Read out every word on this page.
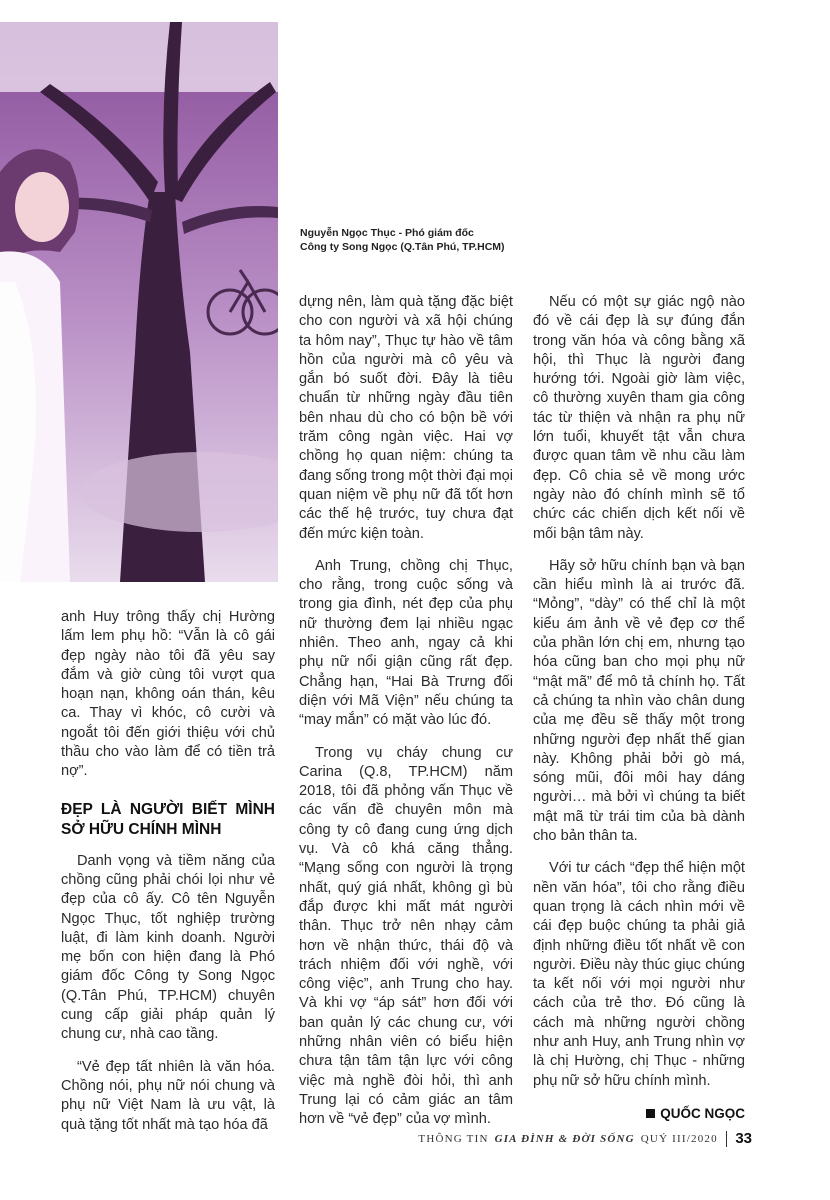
Nguyễn Ngọc Thục - Phó giám đốc
Công ty Song Ngọc (Q.Tân Phú, TP.HCM)

anh Huy trông thấy chị Hường lấm lem phụ hồ: “Vẫn là cô gái đẹp ngày nào tôi đã yêu say đắm và giờ cùng tôi vượt qua hoạn nạn, không oán thán, kêu ca. Thay vì khóc, cô cười và ngoắt tôi đến giới thiệu với chủ thầu cho vào làm để có tiền trả nợ”.

ĐẸP LÀ NGƯỜI BIẾT MÌNH SỞ HỮU CHÍNH MÌNH

Danh vọng và tiềm năng của chồng cũng phải chói lọi như vẻ đẹp của cô ấy. Cô tên Nguyễn Ngọc Thục, tốt nghiệp trường luật, đi làm kinh doanh. Người mẹ bốn con hiện đang là Phó giám đốc Công ty Song Ngọc (Q.Tân Phú, TP.HCM) chuyên cung cấp giải pháp quản lý chung cư, nhà cao tầng.

“Vẻ đẹp tất nhiên là văn hóa. Chồng nói, phụ nữ nói chung và phụ nữ Việt Nam là ưu vật, là quà tặng tốt nhất mà tạo hóa đã

dựng nên, làm quà tặng đặc biệt cho con người và xã hội chúng ta hôm nay”, Thục tự hào về tâm hồn của người mà cô yêu và gắn bó suốt đời. Đây là tiêu chuẩn từ những ngày đầu tiên bên nhau dù cho có bộn bề với trăm công ngàn việc. Hai vợ chồng họ quan niệm: chúng ta đang sống trong một thời đại mọi quan niệm về phụ nữ đã tốt hơn các thế hệ trước, tuy chưa đạt đến mức kiện toàn.

Anh Trung, chồng chị Thục, cho rằng, trong cuộc sống và trong gia đình, nét đẹp của phụ nữ thường đem lại nhiều ngạc nhiên. Theo anh, ngay cả khi phụ nữ nổi giận cũng rất đẹp. Chẳng hạn, “Hai Bà Trưng đối diện với Mã Viện” nếu chúng ta “may mắn” có mặt vào lúc đó.

Trong vụ cháy chung cư Carina (Q.8, TP.HCM) năm 2018, tôi đã phỏng vấn Thục về các vấn đề chuyên môn mà công ty cô đang cung ứng dịch vụ. Và cô khá căng thẳng. “Mạng sống con người là trọng nhất, quý giá nhất, không gì bù đắp được khi mất mát người thân. Thục trở nên nhạy cảm hơn về nhận thức, thái độ và trách nhiệm đối với nghề, với công việc”, anh Trung cho hay. Và khi vợ “áp sát” hơn đối với ban quản lý các chung cư, với những nhân viên có biểu hiện chưa tận tâm tận lực với công việc mà nghề đòi hỏi, thì anh Trung lại có cảm giác an tâm hơn về “vẻ đẹp” của vợ mình.

Nếu có một sự giác ngộ nào đó về cái đẹp là sự đúng đắn trong văn hóa và công bằng xã hội, thì Thục là người đang hướng tới. Ngoài giờ làm việc, cô thường xuyên tham gia công tác từ thiện và nhận ra phụ nữ lớn tuổi, khuyết tật vẫn chưa được quan tâm về nhu cầu làm đẹp. Cô chia sẻ về mong ước ngày nào đó chính mình sẽ tổ chức các chiến dịch kết nối về mối bận tâm này.

Hãy sở hữu chính bạn và bạn cần hiểu mình là ai trước đã. “Mỏng”, “dày” có thể chỉ là một kiểu ám ảnh về vẻ đẹp cơ thể của phần lớn chị em, nhưng tạo hóa cũng ban cho mọi phụ nữ “mật mã” để mô tả chính họ. Tất cả chúng ta nhìn vào chân dung của mẹ đều sẽ thấy một trong những người đẹp nhất thế gian này. Không phải bởi gò má, sóng mũi, đôi môi hay dáng người… mà bởi vì chúng ta biết mật mã từ trái tim của bà dành cho bản thân ta.

Với tư cách “đẹp thể hiện một nền văn hóa”, tôi cho rằng điều quan trọng là cách nhìn mới về cái đẹp buộc chúng ta phải giả định những điều tốt nhất về con người. Điều này thúc giục chúng ta kết nối với mọi người như cách của trẻ thơ. Đó cũng là cách mà những người chồng như anh Huy, anh Trung nhìn vợ là chị Hường, chị Thục - những phụ nữ sở hữu chính mình.

QUỐC NGỌC
THÔNG TIN
GIA ĐÌNH & ĐỜI SỐNG
QUÝ III/2020 33
